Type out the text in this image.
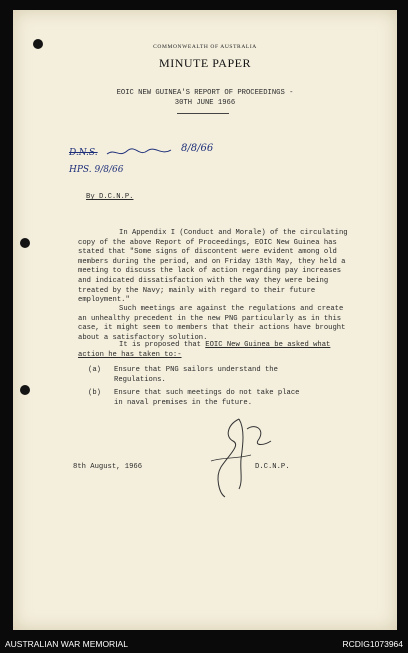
COMMONWEALTH OF AUSTRALIA
MINUTE PAPER
EOIC NEW GUINEA'S REPORT OF PROCEEDINGS -
30TH JUNE 1966
D.N.S.	8/8/66
HPS. 9/8/66
By D.C.N.P.
In Appendix I (Conduct and Morale) of the circulating
copy of the above Report of Proceedings, EOIC New Guinea has
stated that "Some signs of discontent were evident among old
members during the period, and on Friday 13th May, they held a
meeting to discuss the lack of action regarding pay increases
and indicated dissatisfaction with the way they were being
treated by the Navy; mainly with regard to their future
employment."
Such meetings are against the regulations and create
an unhealthy precedent in the new PNG particularly as in this
case, it might seem to members that their actions have brought
about a satisfactory solution.
It is proposed that EOIC New Guinea be asked what
action he has taken to:-
(a) Ensure that PNG sailors understand the
Regulations.
(b) Ensure that such meetings do not take place
in naval premises in the future.
8th August, 1966	D.C.N.P.
AUSTRALIAN WAR MEMORIAL	RCDIG1073964
